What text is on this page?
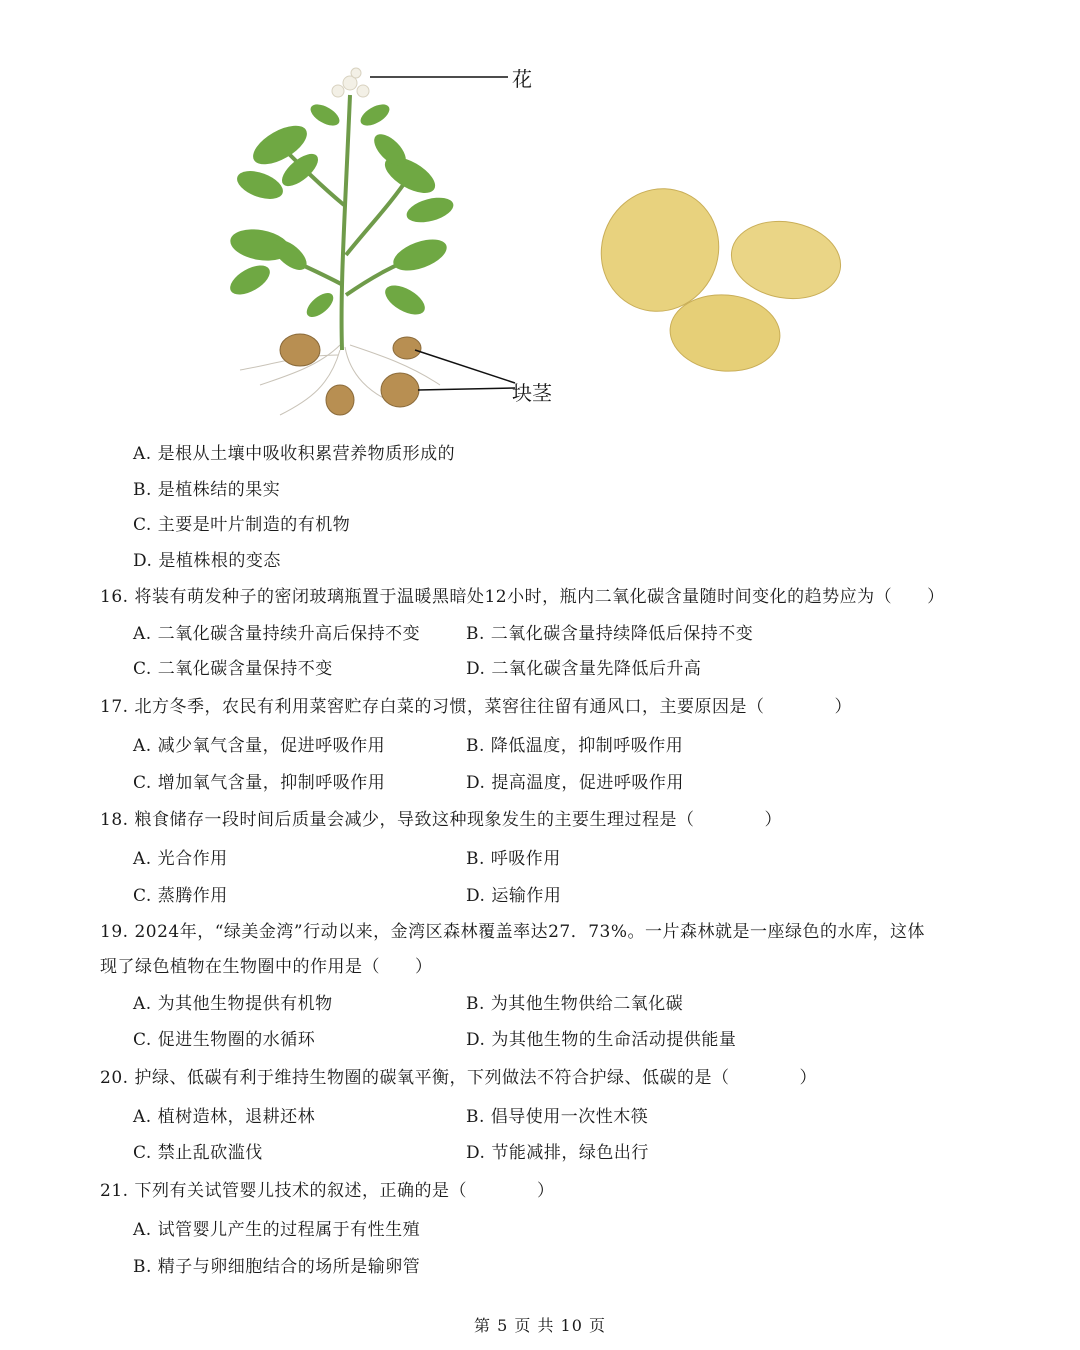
花
块茎
A. 是根从土壤中吸收积累营养物质形成的
B. 是植株结的果实
C. 主要是叶片制造的有机物
D. 是植株根的变态
16. 将装有萌发种子的密闭玻璃瓶置于温暖黑暗处12小时，瓶内二氧化碳含量随时间变化的趋势应为（　　）
A. 二氧化碳含量持续升高后保持不变	B. 二氧化碳含量持续降低后保持不变
C. 二氧化碳含量保持不变	D. 二氧化碳含量先降低后升高
17. 北方冬季，农民有利用菜窖贮存白菜的习惯，菜窖往往留有通风口，主要原因是（　　　　）
A. 减少氧气含量，促进呼吸作用	B. 降低温度，抑制呼吸作用
C. 增加氧气含量，抑制呼吸作用	D. 提高温度，促进呼吸作用
18. 粮食储存一段时间后质量会减少，导致这种现象发生的主要生理过程是（　　　　）
A. 光合作用	B. 呼吸作用
C. 蒸腾作用	D. 运输作用
19. 2024年，“绿美金湾”行动以来，金湾区森林覆盖率达27．73%。一片森林就是一座绿色的水库，这体
现了绿色植物在生物圈中的作用是（　　）
A. 为其他生物提供有机物	B. 为其他生物供给二氧化碳
C. 促进生物圈的水循环	D. 为其他生物的生命活动提供能量
20. 护绿、低碳有利于维持生物圈的碳氧平衡，下列做法不符合护绿、低碳的是（　　　　）
A. 植树造林，退耕还林	B. 倡导使用一次性木筷
C. 禁止乱砍滥伐	D. 节能减排，绿色出行
21. 下列有关试管婴儿技术的叙述，正确的是（　　　　）
A. 试管婴儿产生的过程属于有性生殖
B. 精子与卵细胞结合的场所是输卵管
第 5 页 共 10 页
